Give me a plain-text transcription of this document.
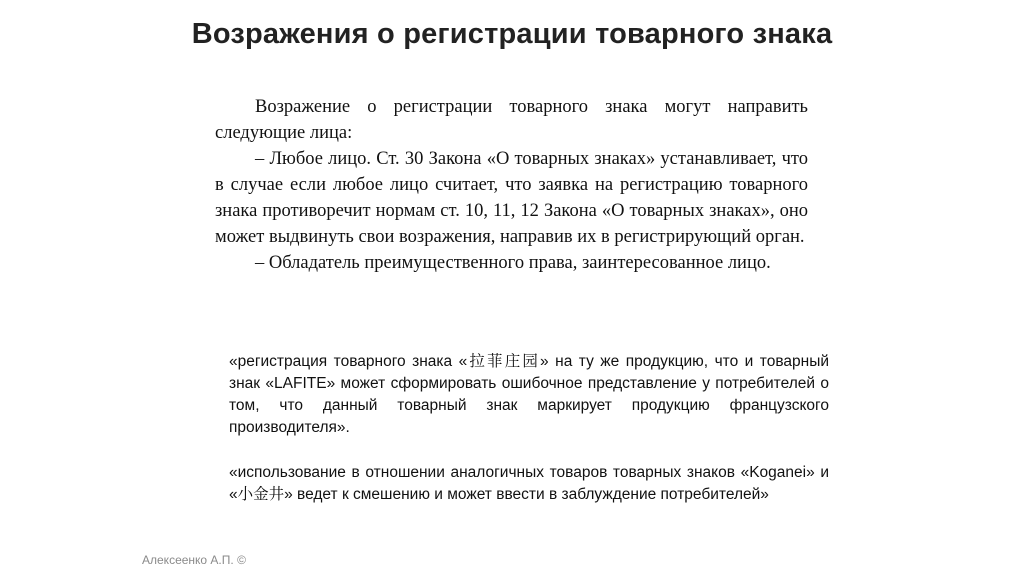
Возражения о регистрации товарного знака

Возражение о регистрации товарного знака могут направить следующие лица:

– Любое лицо. Ст. 30 Закона «О товарных знаках» устанавливает, что в случае если любое лицо считает, что заявка на регистрацию товарного знака противоречит нормам ст. 10, 11, 12 Закона «О товарных знаках», оно может выдвинуть свои возражения, направив их в регистрирующий орган.

– Обладатель преимущественного права, заинтересованное лицо.

«регистрация товарного знака «拉菲庄园» на ту же продукцию, что и товарный знак «LAFITE» может сформировать ошибочное представление у потребителей о том, что данный товарный знак маркирует продукцию французского производителя».

«использование в отношении аналогичных товаров товарных знаков «Koganei» и «小金井» ведет к смешению и может ввести в заблуждение потребителей»

Алексеенко А.П. ©
